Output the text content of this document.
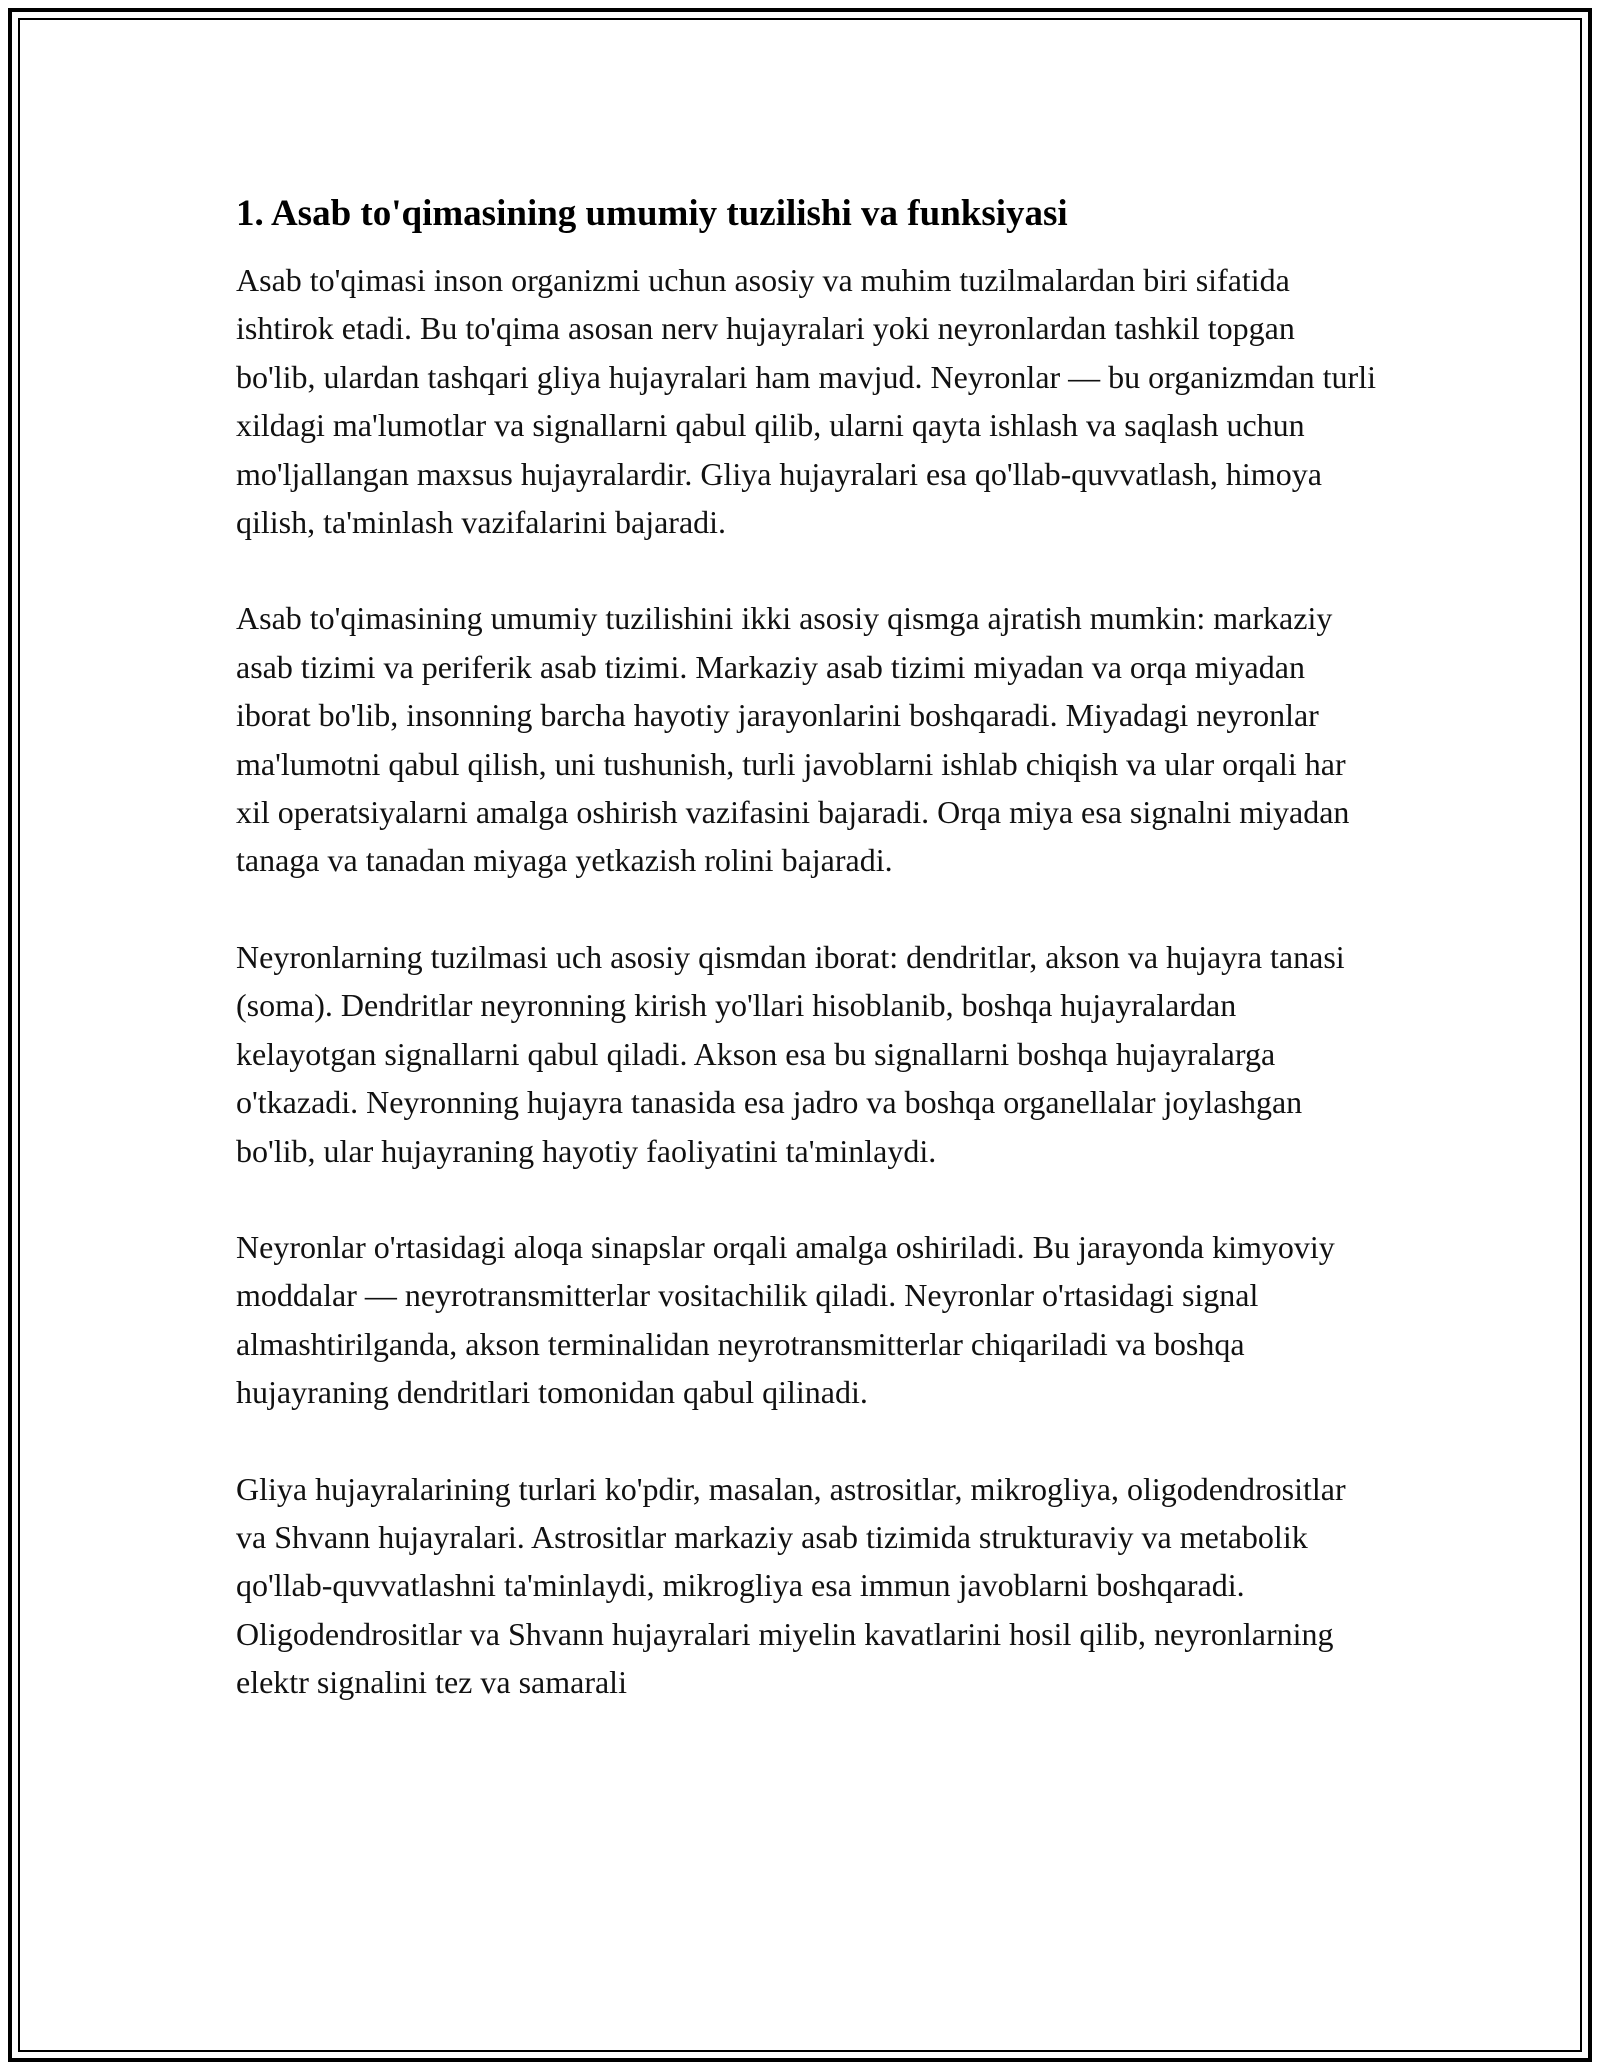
1. Asab to'qimasining umumiy tuzilishi va funksiyasi

Asab to'qimasi inson organizmi uchun asosiy va muhim tuzilmalardan biri sifatida ishtirok etadi. Bu to'qima asosan nerv hujayralari yoki neyronlardan tashkil topgan bo'lib, ulardan tashqari gliya hujayralari ham mavjud. Neyronlar — bu organizmdan turli xildagi ma'lumotlar va signallarni qabul qilib, ularni qayta ishlash va saqlash uchun mo'ljallangan maxsus hujayralardir. Gliya hujayralari esa qo'llab-quvvatlash, himoya qilish, ta'minlash vazifalarini bajaradi.

Asab to'qimasining umumiy tuzilishini ikki asosiy qismga ajratish mumkin: markaziy asab tizimi va periferik asab tizimi. Markaziy asab tizimi miyadan va orqa miyadan iborat bo'lib, insonning barcha hayotiy jarayonlarini boshqaradi. Miyadagi neyronlar ma'lumotni qabul qilish, uni tushunish, turli javoblarni ishlab chiqish va ular orqali har xil operatsiyalarni amalga oshirish vazifasini bajaradi. Orqa miya esa signalni miyadan tanaga va tanadan miyaga yetkazish rolini bajaradi.

Neyronlarning tuzilmasi uch asosiy qismdan iborat: dendritlar, akson va hujayra tanasi (soma). Dendritlar neyronning kirish yo'llari hisoblanib, boshqa hujayralardan kelayotgan signallarni qabul qiladi. Akson esa bu signallarni boshqa hujayralarga o'tkazadi. Neyronning hujayra tanasida esa jadro va boshqa organellalar joylashgan bo'lib, ular hujayraning hayotiy faoliyatini ta'minlaydi.

Neyronlar o'rtasidagi aloqa sinapslar orqali amalga oshiriladi. Bu jarayonda kimyoviy moddalar — neyrotransmitterlar vositachilik qiladi. Neyronlar o'rtasidagi signal almashtirilganda, akson terminalidan neyrotransmitterlar chiqariladi va boshqa hujayraning dendritlari tomonidan qabul qilinadi.

Gliya hujayralarining turlari ko'pdir, masalan, astrositlar, mikrogliya, oligodendrositlar va Shvann hujayralari. Astrositlar markaziy asab tizimida strukturaviy va metabolik qo'llab-quvvatlashni ta'minlaydi, mikrogliya esa immun javoblarni boshqaradi. Oligodendrositlar va Shvann hujayralari miyelin kavatlarini hosil qilib, neyronlarning elektr signalini tez va samarali
